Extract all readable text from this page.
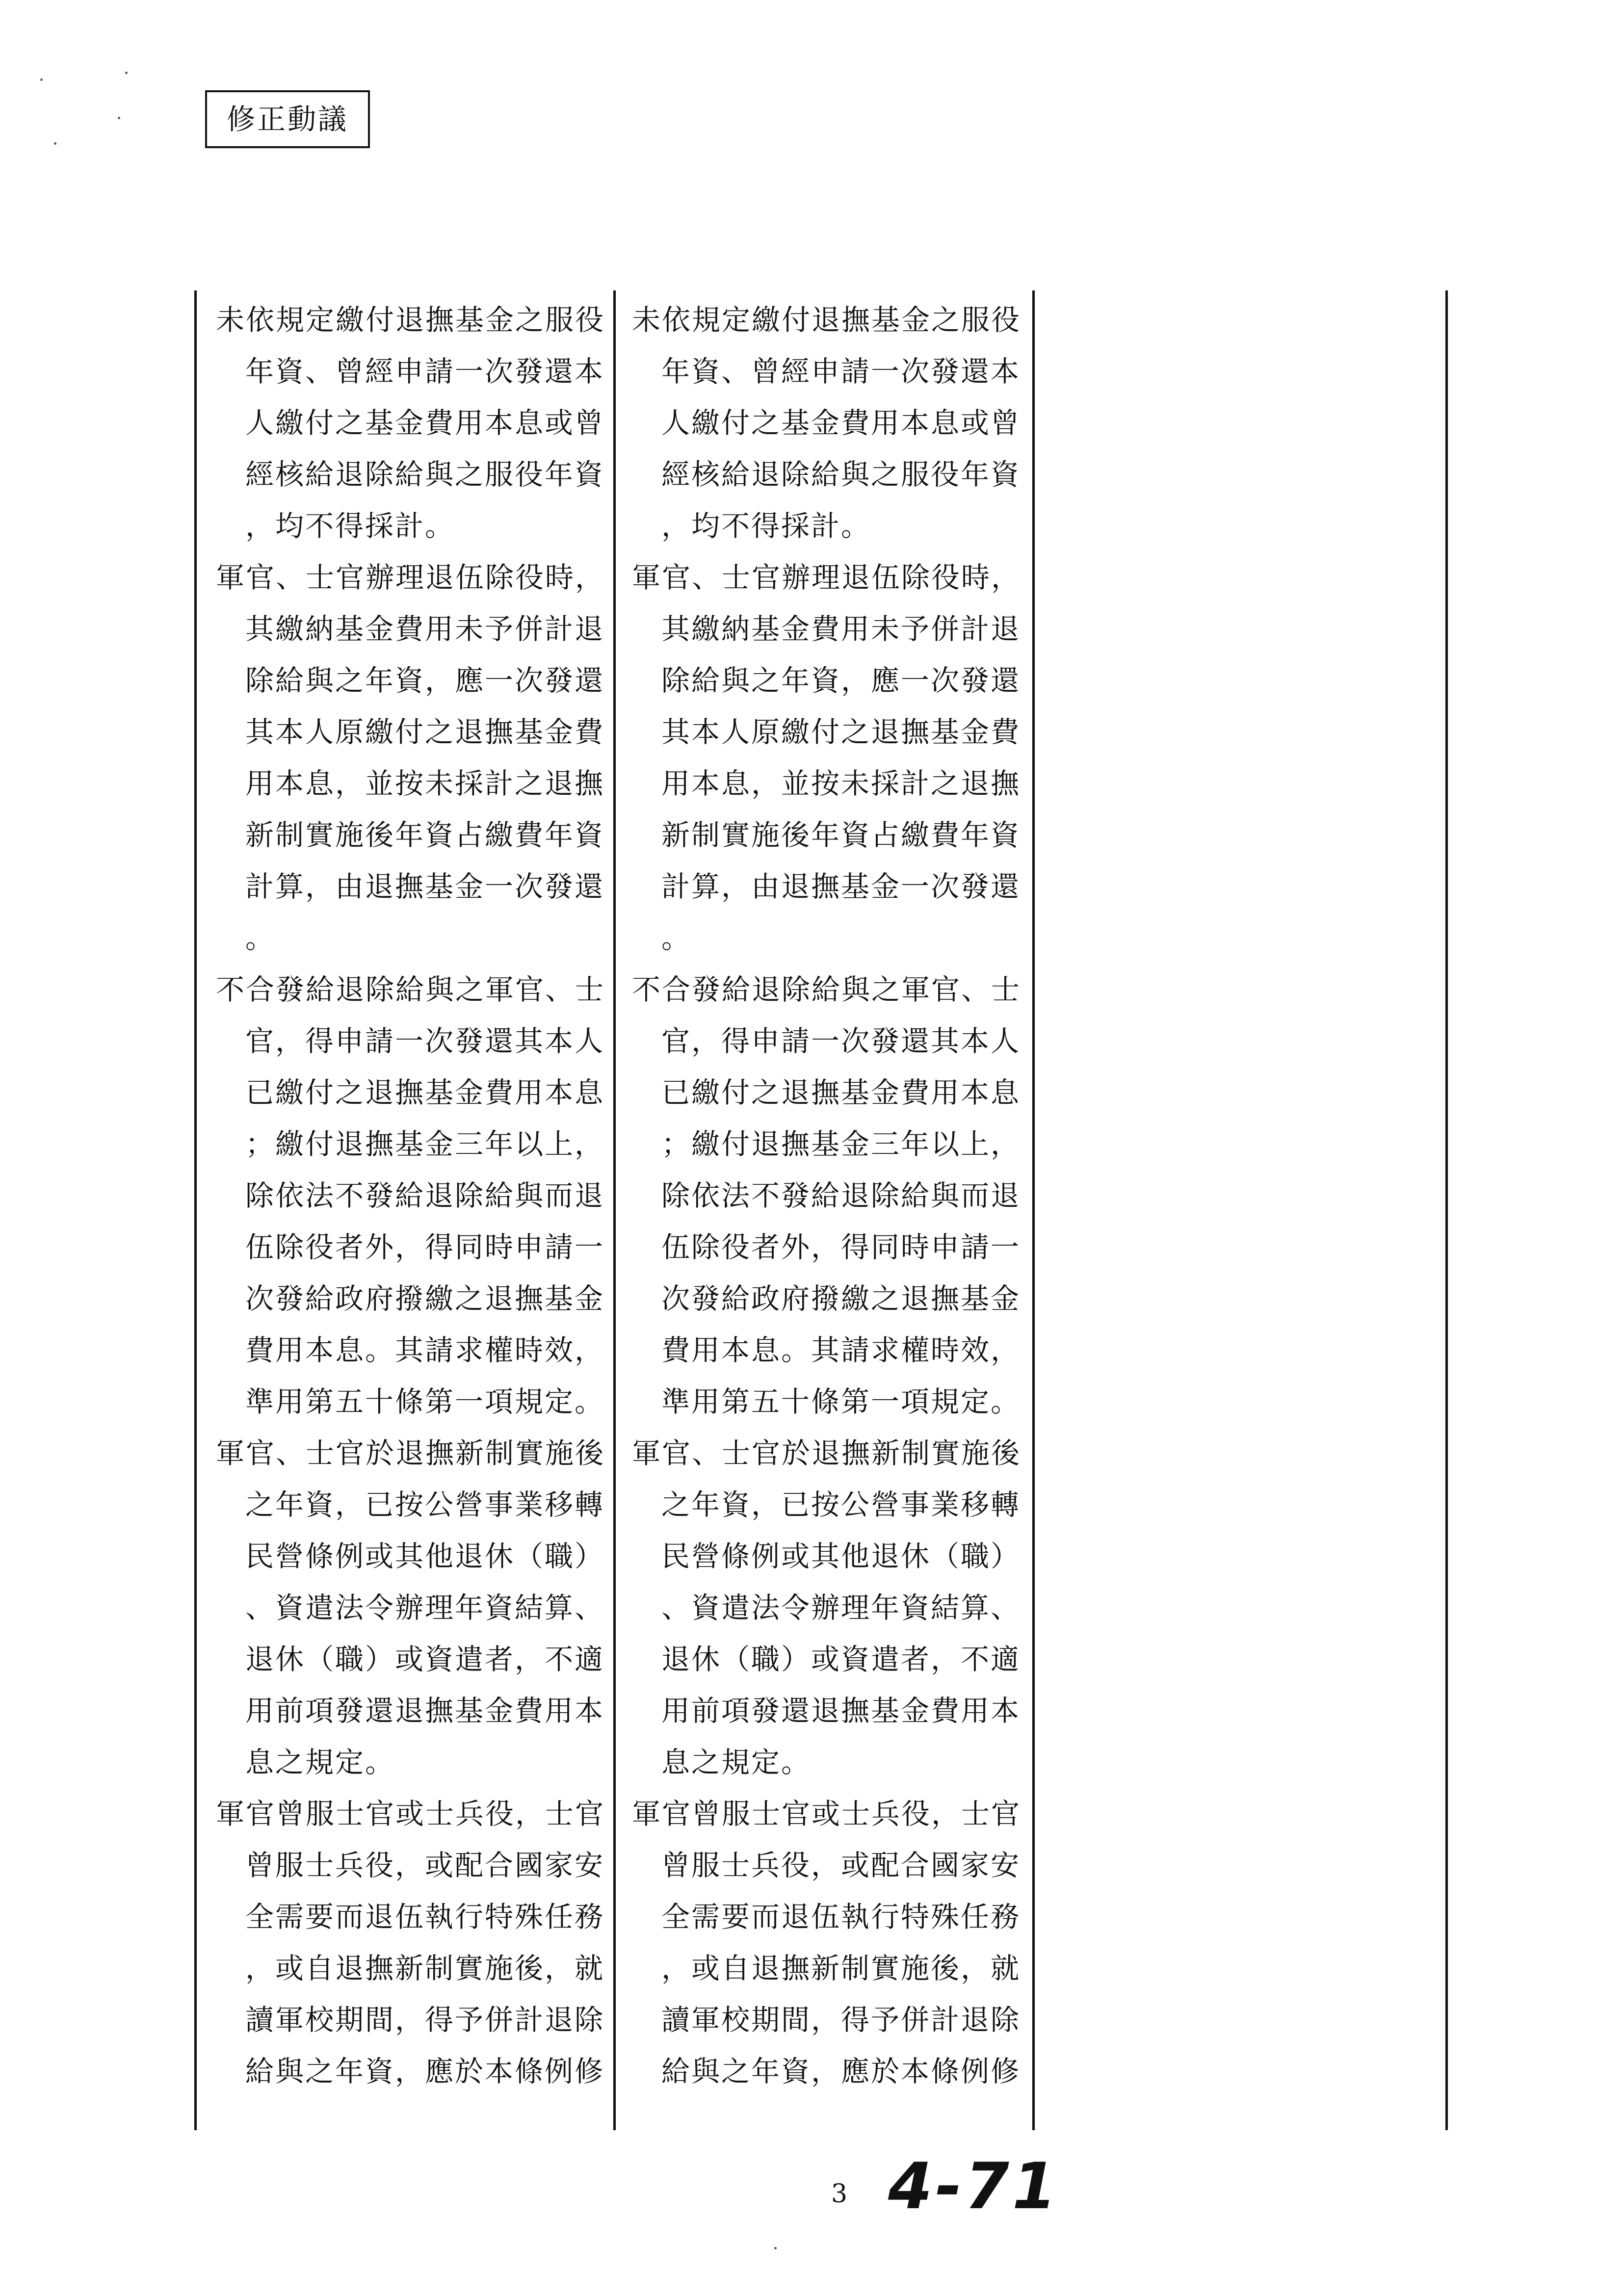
修正動議
未依規定繳付退撫基金之服役
年資、曾經申請一次發還本
人繳付之基金費用本息或曾
經核給退除給與之服役年資
，均不得採計。
軍官、士官辦理退伍除役時，
其繳納基金費用未予併計退
除給與之年資，應一次發還
其本人原繳付之退撫基金費
用本息，並按未採計之退撫
新制實施後年資占繳費年資
計算，由退撫基金一次發還
。
不合發給退除給與之軍官、士
官，得申請一次發還其本人
已繳付之退撫基金費用本息
；繳付退撫基金三年以上，
除依法不發給退除給與而退
伍除役者外，得同時申請一
次發給政府撥繳之退撫基金
費用本息。其請求權時效，
準用第五十條第一項規定。
軍官、士官於退撫新制實施後
之年資，已按公營事業移轉
民營條例或其他退休（職）
、資遣法令辦理年資結算、
退休（職）或資遣者，不適
用前項發還退撫基金費用本
息之規定。
軍官曾服士官或士兵役，士官
曾服士兵役，或配合國家安
全需要而退伍執行特殊任務
，或自退撫新制實施後，就
讀軍校期間，得予併計退除
給與之年資，應於本條例修
未依規定繳付退撫基金之服役
年資、曾經申請一次發還本
人繳付之基金費用本息或曾
經核給退除給與之服役年資
，均不得採計。
軍官、士官辦理退伍除役時，
其繳納基金費用未予併計退
除給與之年資，應一次發還
其本人原繳付之退撫基金費
用本息，並按未採計之退撫
新制實施後年資占繳費年資
計算，由退撫基金一次發還
。
不合發給退除給與之軍官、士
官，得申請一次發還其本人
已繳付之退撫基金費用本息
；繳付退撫基金三年以上，
除依法不發給退除給與而退
伍除役者外，得同時申請一
次發給政府撥繳之退撫基金
費用本息。其請求權時效，
準用第五十條第一項規定。
軍官、士官於退撫新制實施後
之年資，已按公營事業移轉
民營條例或其他退休（職）
、資遣法令辦理年資結算、
退休（職）或資遣者，不適
用前項發還退撫基金費用本
息之規定。
軍官曾服士官或士兵役，士官
曾服士兵役，或配合國家安
全需要而退伍執行特殊任務
，或自退撫新制實施後，就
讀軍校期間，得予併計退除
給與之年資，應於本條例修
3 4-71
